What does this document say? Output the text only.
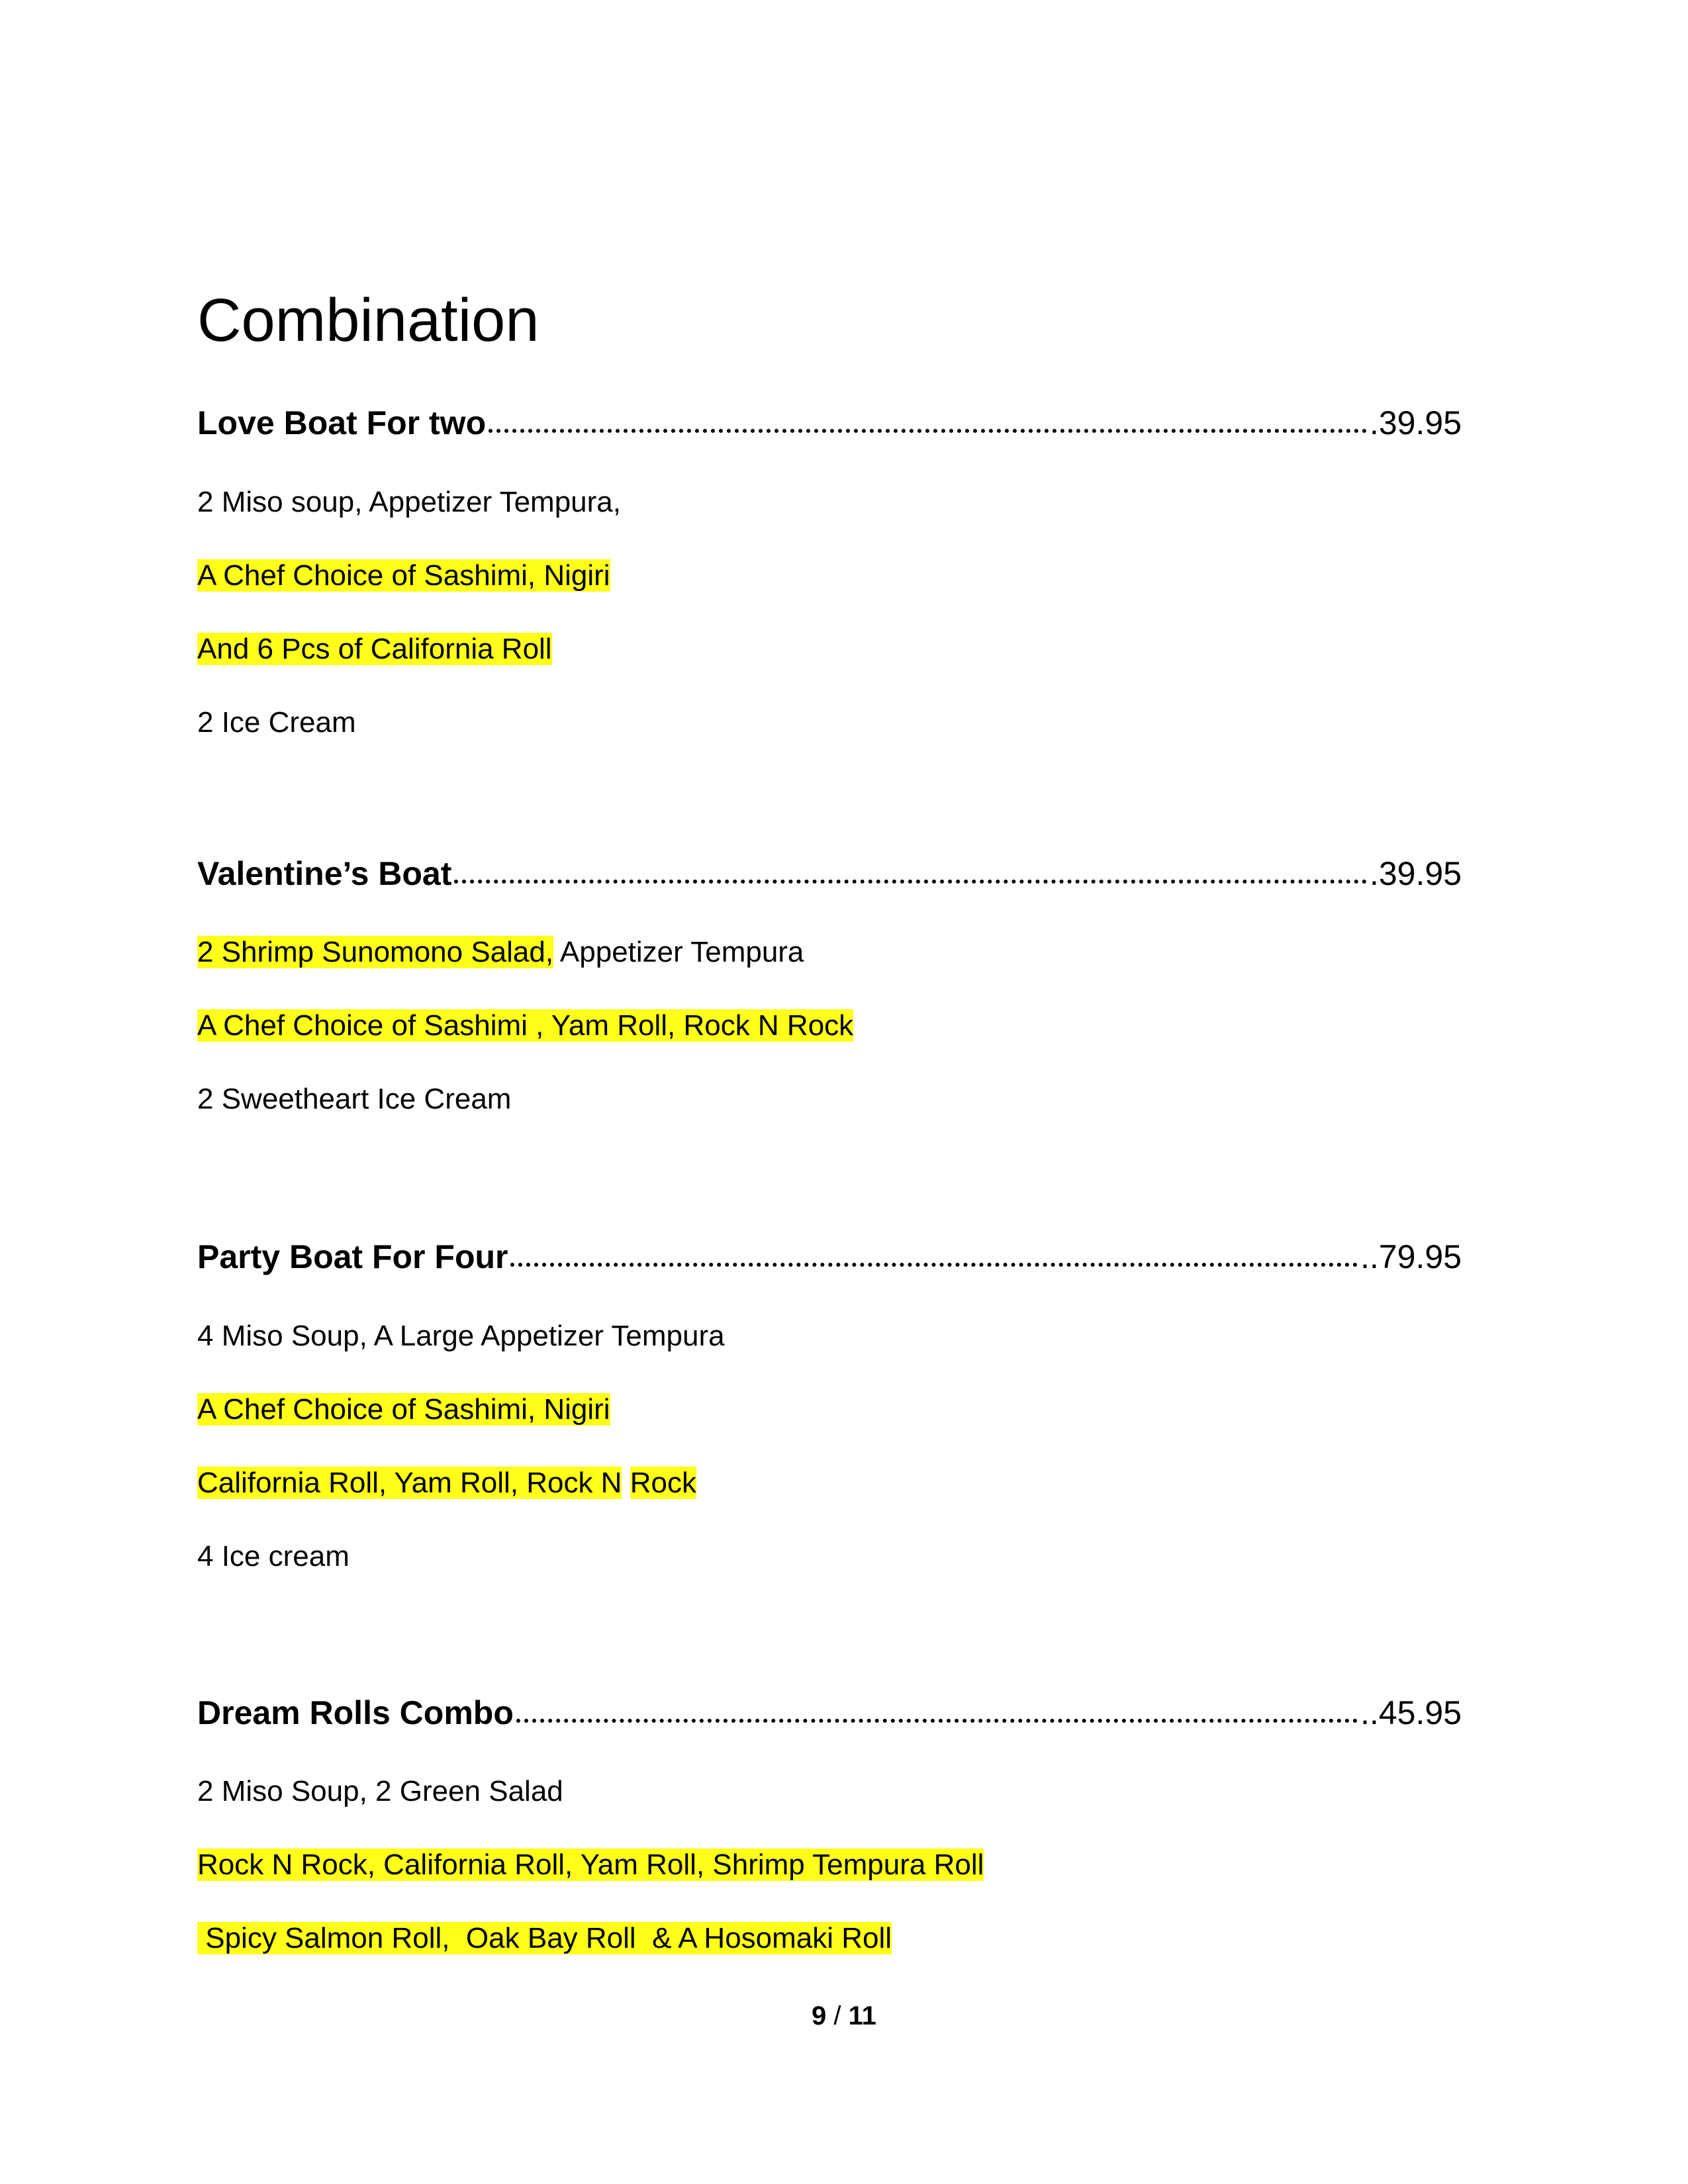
Combination
Love Boat For two	.39.95
2 Miso soup, Appetizer Tempura,
A Chef Choice of Sashimi, Nigiri
And 6 Pcs of California Roll
2 Ice Cream
Valentine’s Boat	.39.95
2 Shrimp Sunomono Salad, Appetizer Tempura
A Chef Choice of Sashimi , Yam Roll, Rock N Rock
2 Sweetheart Ice Cream
Party Boat For Four	..79.95
4 Miso Soup, A Large Appetizer Tempura
A Chef Choice of Sashimi, Nigiri
California Roll, Yam Roll, Rock N Rock
4 Ice cream
Dream Rolls Combo	..45.95
2 Miso Soup, 2 Green Salad
Rock N Rock, California Roll, Yam Roll, Shrimp Tempura Roll
Spicy Salmon Roll,  Oak Bay Roll  & A Hosomaki Roll
9 / 11
